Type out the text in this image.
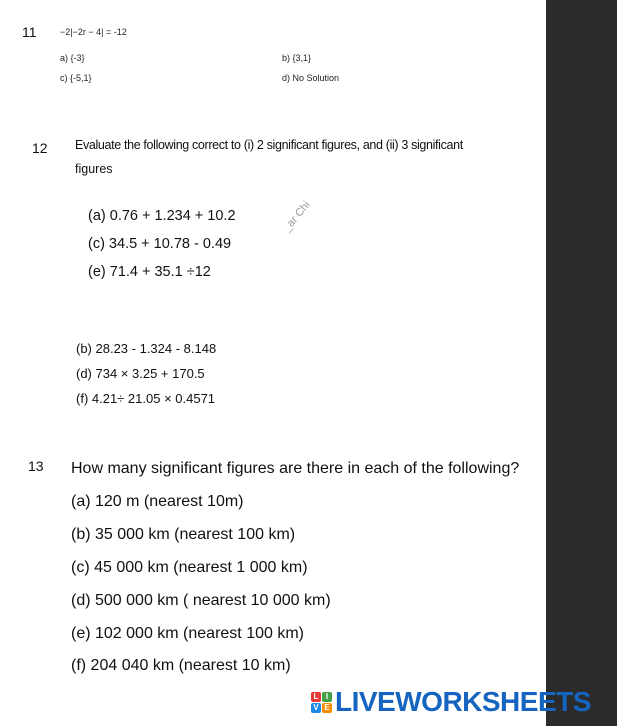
11	−2|−2r − 4| = -12
a) {-3}	b) {3,1}
c) {-5,1}	d) No Solution
12 Evaluate the following correct to (i) 2 significant figures, and (ii) 3 significant
figures
(a) 0.76 + 1.234 + 10.2
(c) 34.5 + 10.78 - 0.49
(e) 71.4 + 35.1 ÷12
_ar Chi
(b) 28.23 - 1.324 - 8.148
(d) 734 × 3.25 + 170.5
(f) 4.21÷ 21.05 × 0.4571
13 How many significant figures are there in each of the following?
(a) 120 m (nearest 10m)
(b) 35 000 km (nearest 100 km)
(c) 45 000 km (nearest 1 000 km)
(d) 500 000 km ( nearest 10 000 km)
(e) 102 000 km (nearest 100 km)
(f) 204 040 km (nearest 10 km)
L I
V E LIVEWORKSHEETS
